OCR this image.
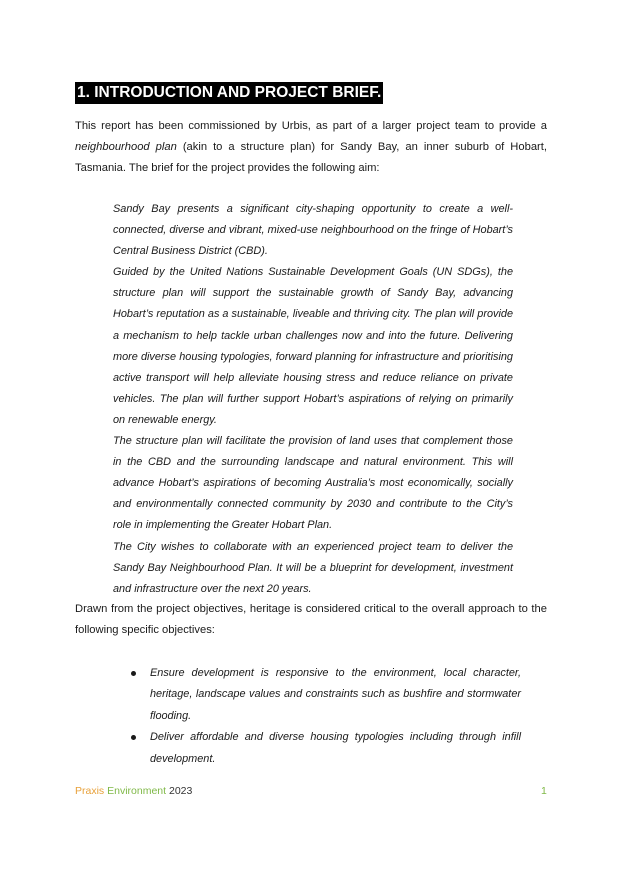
1. INTRODUCTION AND PROJECT BRIEF.

This report has been commissioned by Urbis, as part of a larger project team to provide a neighbourhood plan (akin to a structure plan) for Sandy Bay, an inner suburb of Hobart, Tasmania. The brief for the project provides the following aim:

Sandy Bay presents a significant city-shaping opportunity to create a well-connected, diverse and vibrant, mixed-use neighbourhood on the fringe of Hobart’s Central Business District (CBD).

Guided by the United Nations Sustainable Development Goals (UN SDGs), the structure plan will support the sustainable growth of Sandy Bay, advancing Hobart’s reputation as a sustainable, liveable and thriving city. The plan will provide a mechanism to help tackle urban challenges now and into the future. Delivering more diverse housing typologies, forward planning for infrastructure and prioritising active transport will help alleviate housing stress and reduce reliance on private vehicles. The plan will further support Hobart’s aspirations of relying on primarily on renewable energy.

The structure plan will facilitate the provision of land uses that complement those in the CBD and the surrounding landscape and natural environment. This will advance Hobart’s aspirations of becoming Australia’s most economically, socially and environmentally connected community by 2030 and contribute to the City’s role in implementing the Greater Hobart Plan.

The City wishes to collaborate with an experienced project team to deliver the Sandy Bay Neighbourhood Plan. It will be a blueprint for development, investment and infrastructure over the next 20 years.

Drawn from the project objectives, heritage is considered critical to the overall approach to the following specific objectives:

Ensure development is responsive to the environment, local character, heritage, landscape values and constraints such as bushfire and stormwater flooding.
Deliver affordable and diverse housing typologies including through infill development.
Praxis Environment 2023	1
